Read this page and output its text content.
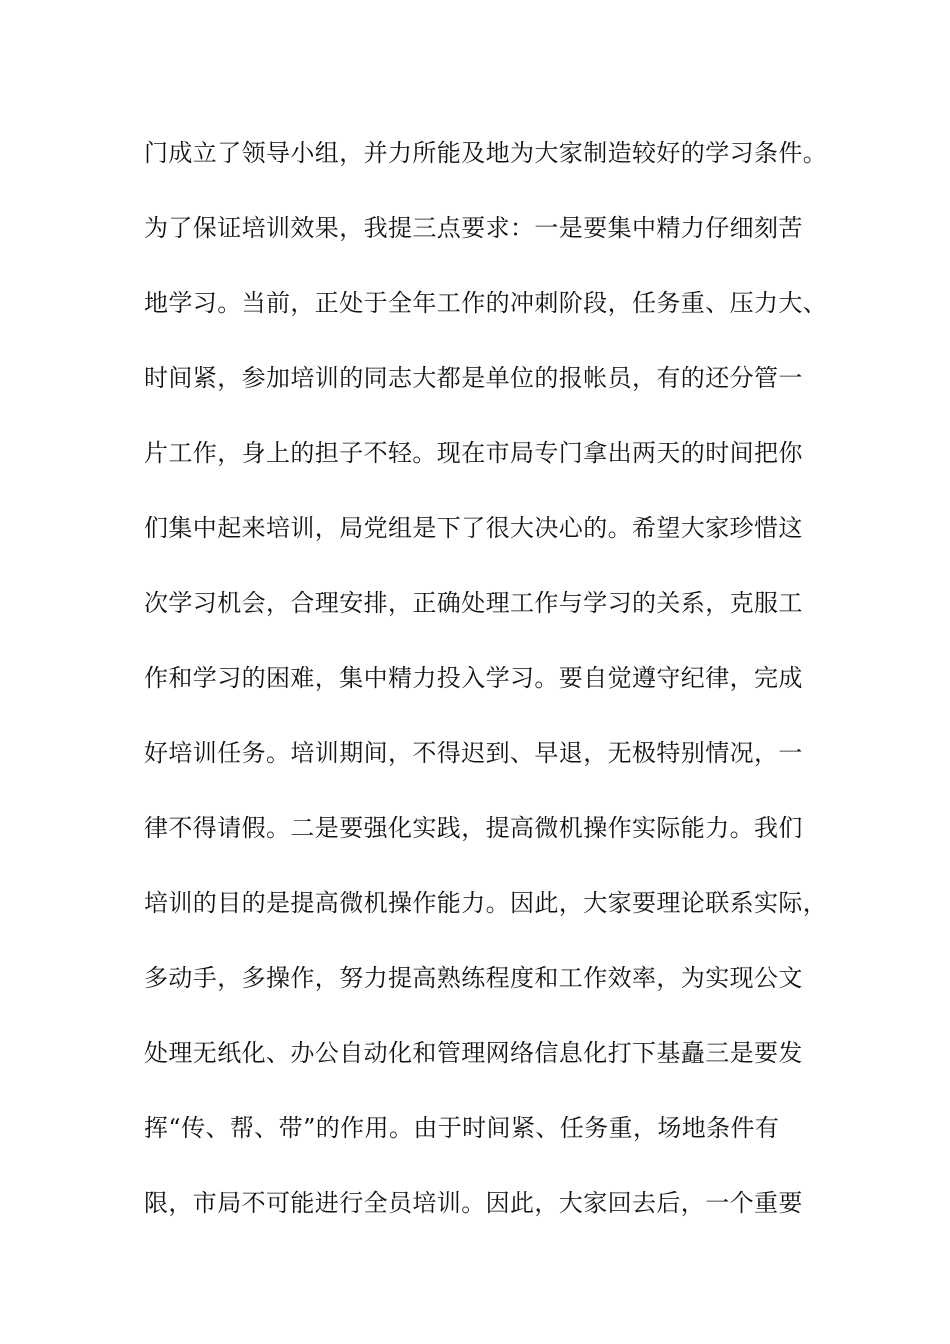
门成立了领导小组，并力所能及地为大家制造较好的学习条件。
为了保证培训效果，我提三点要求：一是要集中精力仔细刻苦
地学习。当前，正处于全年工作的冲刺阶段，任务重、压力大、
时间紧，参加培训的同志大都是单位的报帐员，有的还分管一
片工作，身上的担子不轻。现在市局专门拿出两天的时间把你
们集中起来培训，局党组是下了很大决心的。希望大家珍惜这
次学习机会，合理安排，正确处理工作与学习的关系，克服工
作和学习的困难，集中精力投入学习。要自觉遵守纪律，完成
好培训任务。培训期间，不得迟到、早退，无极特别情况，一
律不得请假。二是要强化实践，提高微机操作实际能力。我们
培训的目的是提高微机操作能力。因此，大家要理论联系实际，
多动手，多操作，努力提高熟练程度和工作效率，为实现公文
处理无纸化、办公自动化和管理网络信息化打下基矗三是要发
挥“传、帮、带”的作用。由于时间紧、任务重，场地条件有
限，市局不可能进行全员培训。因此，大家回去后，一个重要
